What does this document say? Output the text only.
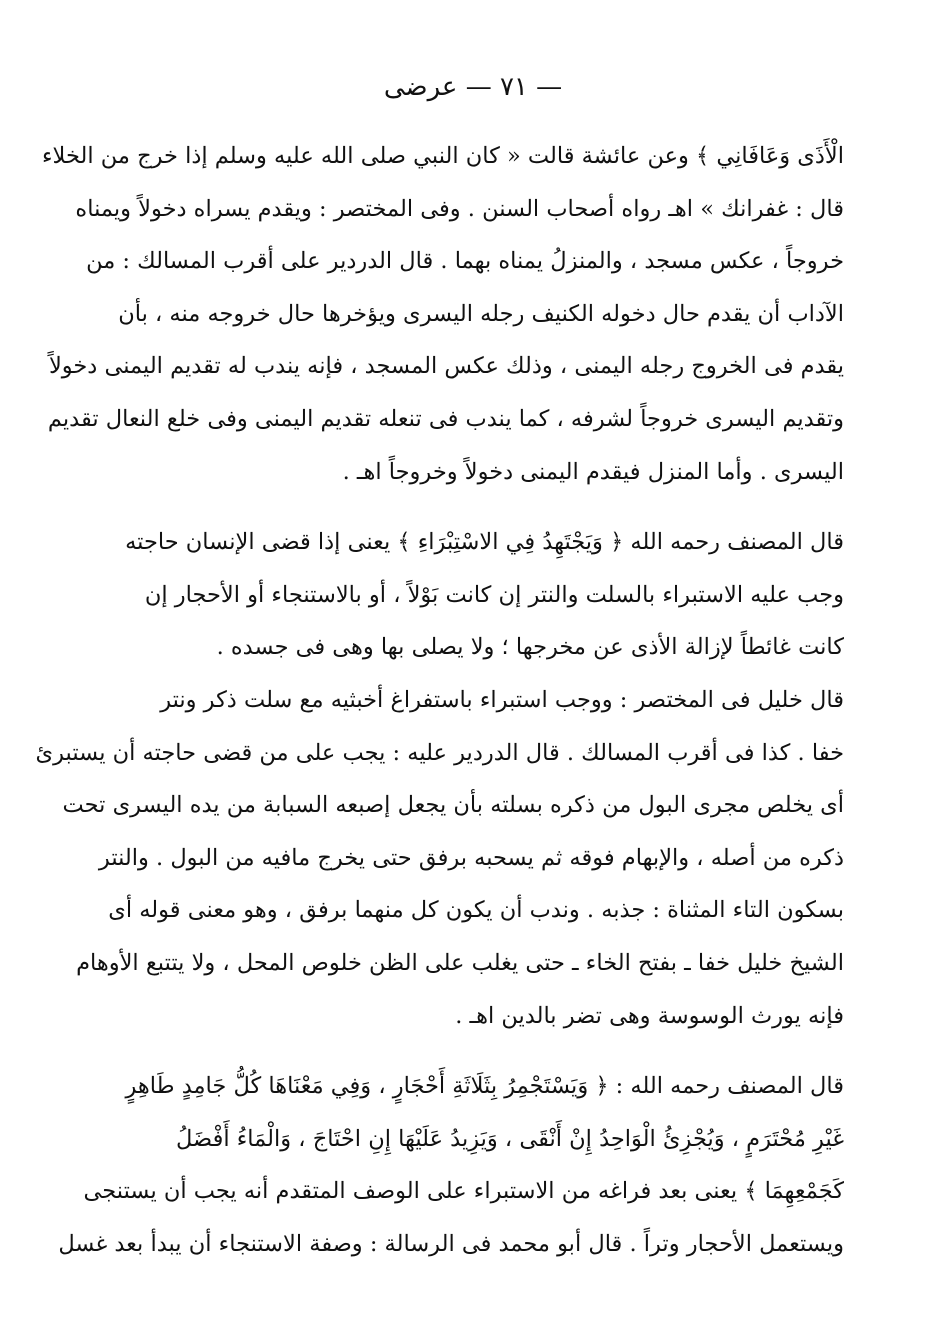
— ٧١ — عرضى
الْأَذَى وَعَافَانِي ﴾ وعن عائشة قالت « كان النبي صلى الله عليه وسلم إذا خرج من الخلاء
قال : غفرانك » اهـ رواه أصحاب السنن . وفى المختصر : ويقدم يسراه دخولاً ويمناه
خروجاً ، عكس مسجد ، والمنزلُ يمناه بهما . قال الدردير على أقرب المسالك : من
الآداب أن يقدم حال دخوله الكنيف رجله اليسرى ويؤخرها حال خروجه منه ، بأن
يقدم فى الخروج رجله اليمنى ، وذلك عكس المسجد ، فإنه يندب له تقديم اليمنى دخولاً
وتقديم اليسرى خروجاً لشرفه ، كما يندب فى تنعله تقديم اليمنى وفى خلع النعال تقديم
اليسرى . وأما المنزل فيقدم اليمنى دخولاً وخروجاً اهـ .
قال المصنف رحمه الله ﴿ وَيَجْتَهِدُ فِي الاسْتِبْرَاءِ ﴾ يعنى إذا قضى الإنسان حاجته
وجب عليه الاستبراء بالسلت والنتر إن كانت بَوْلاً ، أو بالاستنجاء أو الأحجار إن
كانت غائطاً لإزالة الأذى عن مخرجها ؛ ولا يصلى بها وهى فى جسده .
قال خليل فى المختصر : ووجب استبراء باستفراغ أخبثيه مع سلت ذكر ونتر
خفا . كذا فى أقرب المسالك . قال الدردير عليه : يجب على من قضى حاجته أن يستبرئ
أى يخلص مجرى البول من ذكره بسلته بأن يجعل إصبعه السبابة من يده اليسرى تحت
ذكره من أصله ، والإبهام فوقه ثم يسحبه برفق حتى يخرج مافيه من البول . والنتر
بسكون التاء المثناة : جذبه . وندب أن يكون كل منهما برفق ، وهو معنى قوله أى
الشيخ خليل خفا ـ بفتح الخاء ـ حتى يغلب على الظن خلوص المحل ، ولا يتتبع الأوهام
فإنه يورث الوسوسة وهى تضر بالدين اهـ .
قال المصنف رحمه الله : ﴿ وَيَسْتَجْمِرُ بِثَلَاثَةِ أَحْجَارٍ ، وَفِي مَعْنَاهَا كُلُّ جَامِدٍ طَاهِرٍ
غَيْرِ مُحْتَرَمٍ ، وَيُجْزِئُ الْوَاحِدُ إِنْ أَنْقَى ، وَيَزِيدُ عَلَيْهَا إِنِ احْتَاجَ ، وَالْمَاءُ أَفْضَلُ
كَجَمْعِهِمَا ﴾ يعنى بعد فراغه من الاستبراء على الوصف المتقدم أنه يجب أن يستنجى
ويستعمل الأحجار وتراً . قال أبو محمد فى الرسالة : وصفة الاستنجاء أن يبدأ بعد غسل
